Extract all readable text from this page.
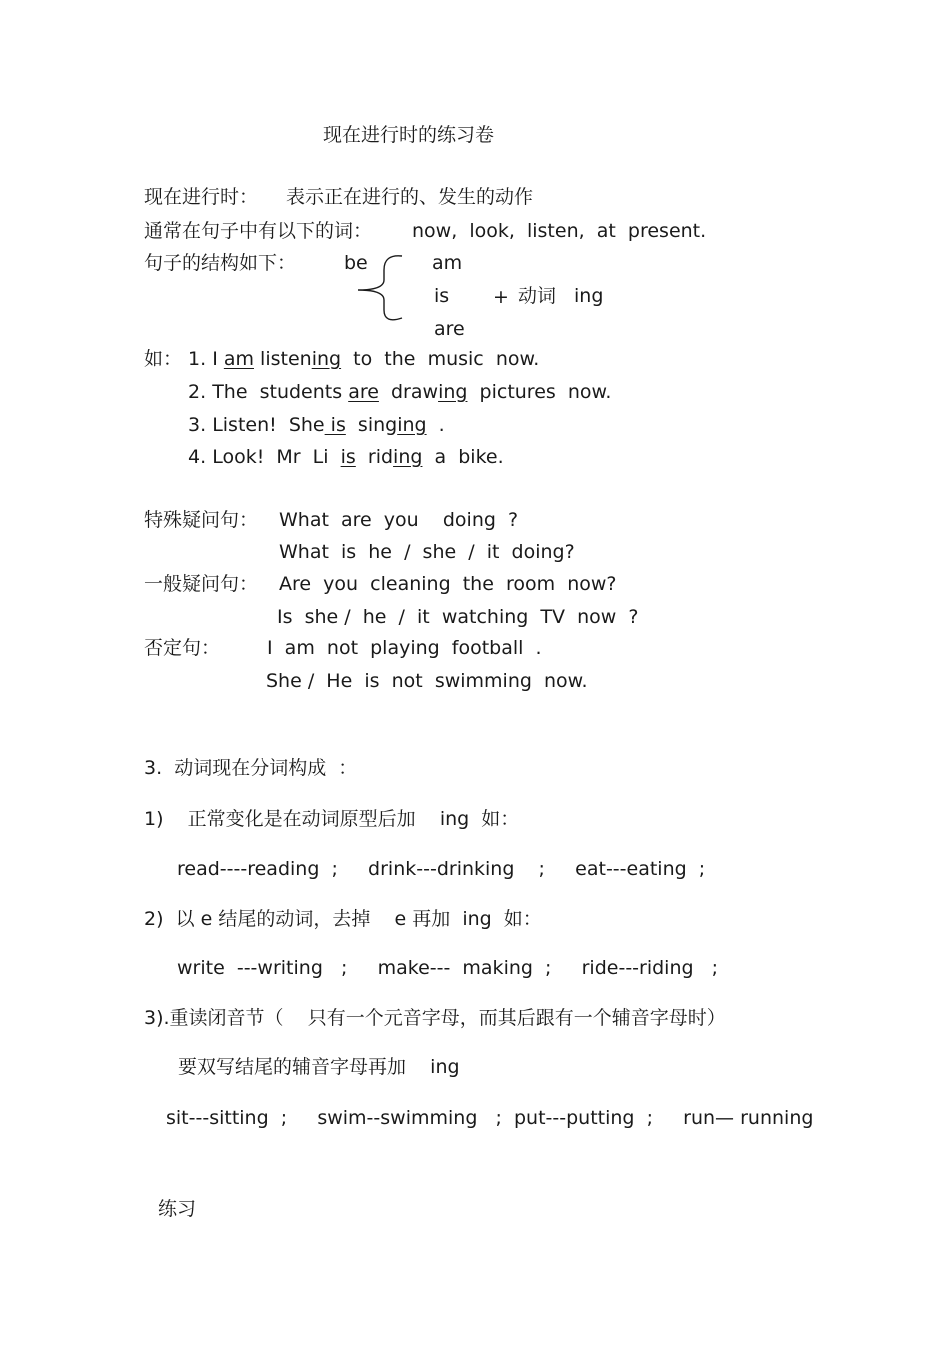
现在进行时的练习卷
现在进行时： 表示正在进行的、发生的动作
通常在句子中有以下的词： now,  look,  listen,  at  present.
句子的结构如下：	be	am
is + 动词 ing
are
如： 1. I am listening  to  the  music  now.
2. The  students are  drawing  pictures  now.
3. Listen!  She is  singing  .
4. Look!  Mr  Li  is  riding  a  bike.
特殊疑问句： What  are  you    doing  ?
What  is  he  /  she  /  it  doing?
一般疑问句： Are  you  cleaning  the  room  now?
Is  she /  he  /  it  watching  TV  now  ?
否定句： I  am  not  playing  football  .
She /  He  is  not  swimming  now.
3.  动词现在分词构成  ：
1)    正常变化是在动词原型后加    ing  如：
read----reading  ;     drink---drinking    ;     eat---eating  ;
2)  以 e 结尾的动词，去掉    e 再加  ing  如：
write  ---writing   ;     make---  making  ;     ride---riding   ;
3).重读闭音节（    只有一个元音字母，而其后跟有一个辅音字母时）
要双写结尾的辅音字母再加    ing
sit---sitting  ;     swim--swimming   ;  put---putting  ;     run— running
练习
